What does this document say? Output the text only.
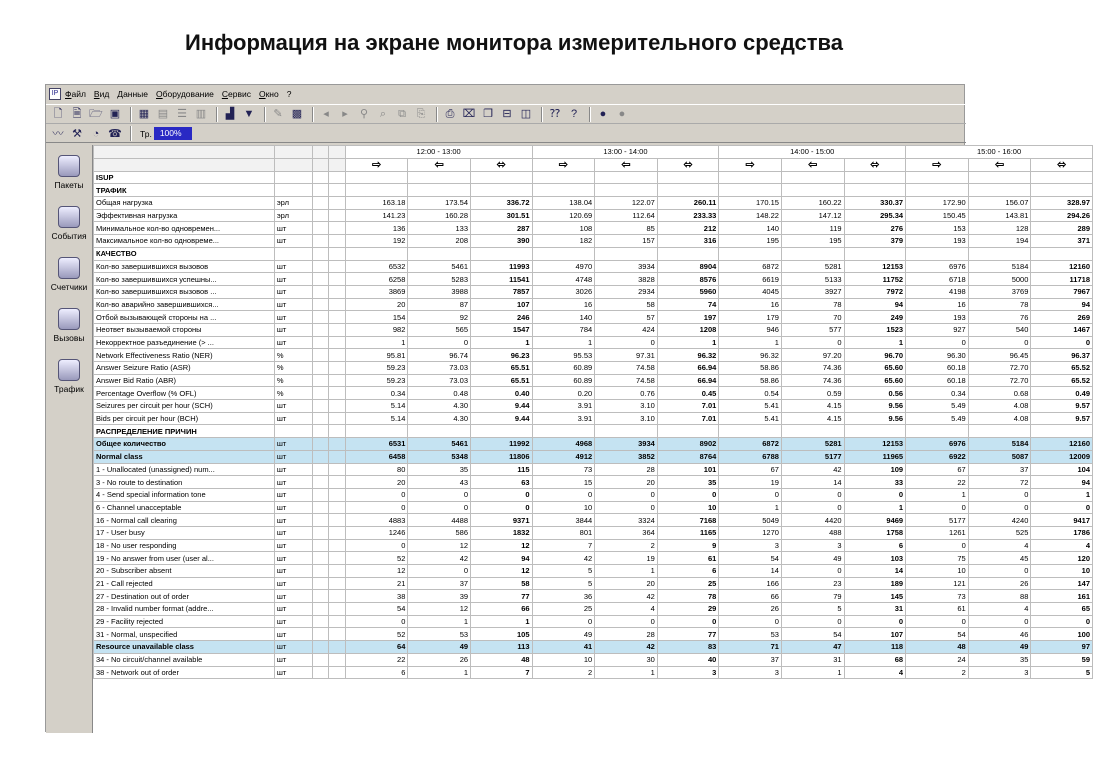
Информация на экране монитора измерительного средства
IP Файл Вид Данные Оборудование Сервис Окно ?
🗋 🗎 🗁 ▣ ▦ ▤ ☰ ▥	▟ ▼	✎ ▩	◂	▸	⚲	⌕	⧉ ⎘	⎙ ⌧ ❐ ⊟ ◫ ⁇ ?	●	●
〰 ⚒ ◔ ☎ Тр. 100%
Пакеты
События
Счетчики
Вызовы
Трафик
				12:00 - 13:00			13:00 - 14:00			14:00 - 15:00			15:00 - 16:00		
				⇨	⇦	⬄	⇨	⇦	⬄	⇨	⇦	⬄	⇨	⇦	⬄
ISUP															
ТРАФИК															
Общая нагрузка	эрл			163.18	173.54	336.72	138.04	122.07	260.11	170.15	160.22	330.37	172.90	156.07	328.97
Эффективная нагрузка	эрл			141.23	160.28	301.51	120.69	112.64	233.33	148.22	147.12	295.34	150.45	143.81	294.26
Минимальное кол-во одновремен...	шт			136	133	287	108	85	212	140	119	276	153	128	289
Максимальное кол-во одновреме...	шт			192	208	390	182	157	316	195	195	379	193	194	371
КАЧЕСТВО															
Кол-во завершившихся вызовов	шт			6532	5461	11993	4970	3934	8904	6872	5281	12153	6976	5184	12160
Кол-во завершившихся успешны...	шт			6258	5283	11541	4748	3828	8576	6619	5133	11752	6718	5000	11718
Кол-во завершившихся вызовов ...	шт			3869	3988	7857	3026	2934	5960	4045	3927	7972	4198	3769	7967
Кол-во аварийно завершившихся...	шт			20	87	107	16	58	74	16	78	94	16	78	94
Отбой вызывающей стороны на ...	шт			154	92	246	140	57	197	179	70	249	193	76	269
Неответ вызываемой стороны	шт			982	565	1547	784	424	1208	946	577	1523	927	540	1467
Некорректное разъединение (> ...	шт			1	0	1	1	0	1	1	0	1	0	0	0
Network Effectiveness Ratio (NER)	%			95.81	96.74	96.23	95.53	97.31	96.32	96.32	97.20	96.70	96.30	96.45	96.37
Answer Seizure Ratio (ASR)	%			59.23	73.03	65.51	60.89	74.58	66.94	58.86	74.36	65.60	60.18	72.70	65.52
Answer Bid Ratio (ABR)	%			59.23	73.03	65.51	60.89	74.58	66.94	58.86	74.36	65.60	60.18	72.70	65.52
Percentage Overflow (% OFL)	%			0.34	0.48	0.40	0.20	0.76	0.45	0.54	0.59	0.56	0.34	0.68	0.49
Seizures per circuit per hour (SCH)	шт			5.14	4.30	9.44	3.91	3.10	7.01	5.41	4.15	9.56	5.49	4.08	9.57
Bids per circuit per hour (BCH)	шт			5.14	4.30	9.44	3.91	3.10	7.01	5.41	4.15	9.56	5.49	4.08	9.57
РАСПРЕДЕЛЕНИЕ ПРИЧИН															
Общее количество	шт			6531	5461	11992	4968	3934	8902	6872	5281	12153	6976	5184	12160
Normal class	шт			6458	5348	11806	4912	3852	8764	6788	5177	11965	6922	5087	12009
1 - Unallocated (unassigned) num...	шт			80	35	115	73	28	101	67	42	109	67	37	104
3 - No route to destination	шт			20	43	63	15	20	35	19	14	33	22	72	94
4 - Send special information tone	шт			0	0	0	0	0	0	0	0	0	1	0	1
6 - Channel unacceptable	шт			0	0	0	10	0	10	1	0	1	0	0	0
16 - Normal call clearing	шт			4883	4488	9371	3844	3324	7168	5049	4420	9469	5177	4240	9417
17 - User busy	шт			1246	586	1832	801	364	1165	1270	488	1758	1261	525	1786
18 - No user responding	шт			0	12	12	7	2	9	3	3	6	0	4	4
19 - No answer from user (user al...	шт			52	42	94	42	19	61	54	49	103	75	45	120
20 - Subscriber absent	шт			12	0	12	5	1	6	14	0	14	10	0	10
21 - Call rejected	шт			21	37	58	5	20	25	166	23	189	121	26	147
27 - Destination out of order	шт			38	39	77	36	42	78	66	79	145	73	88	161
28 - Invalid number format (addre...	шт			54	12	66	25	4	29	26	5	31	61	4	65
29 - Facility rejected	шт			0	1	1	0	0	0	0	0	0	0	0	0
31 - Normal, unspecified	шт			52	53	105	49	28	77	53	54	107	54	46	100
Resource unavailable class	шт			64	49	113	41	42	83	71	47	118	48	49	97
34 - No circuit/channel available	шт			22	26	48	10	30	40	37	31	68	24	35	59
38 - Network out of order	шт			6	1	7	2	1	3	3	1	4	2	3	5
